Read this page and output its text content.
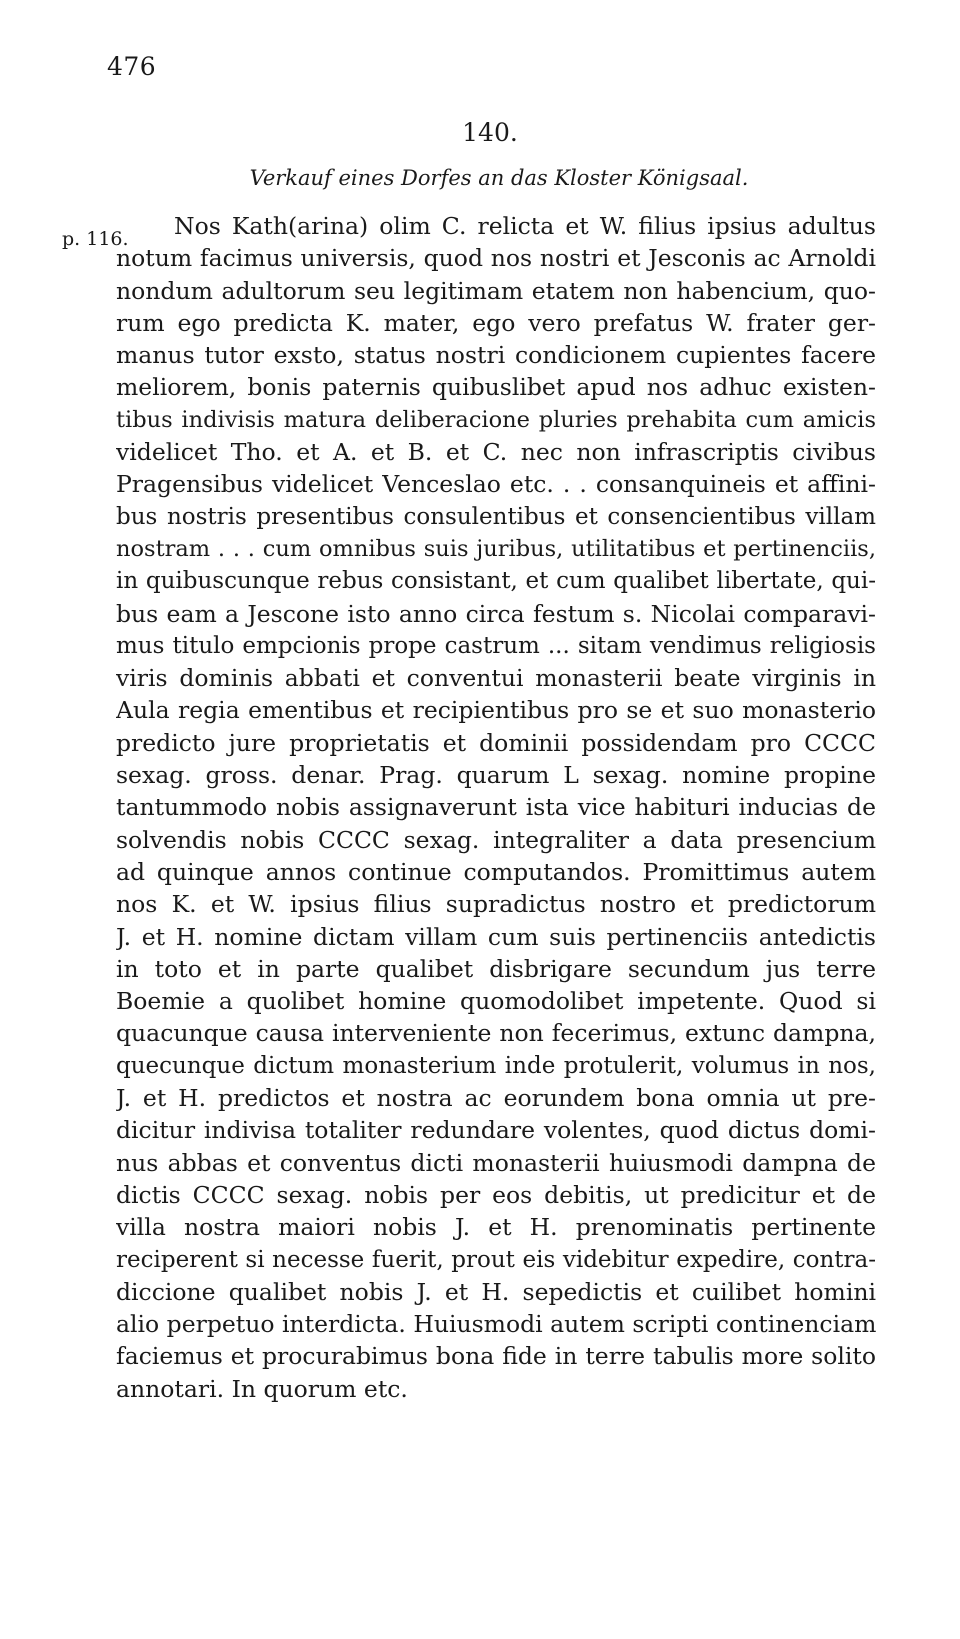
476
140.
Verkauf eines Dorfes an das Kloster Königsaal.
p. 116.	Nos Kath(arina) olim C. relicta et W. filius ipsius adultus
notum facimus universis, quod nos nostri et Jesconis ac Arnoldi
nondum adultorum seu legitimam etatem non habencium, quo-
rum ego predicta K. mater, ego vero prefatus W. frater ger-
manus tutor exsto, status nostri condicionem cupientes facere
meliorem, bonis paternis quibuslibet apud nos adhuc existen-
tibus indivisis matura deliberacione pluries prehabita cum amicis
videlicet Tho. et A. et B. et C. nec non infrascriptis civibus
Pragensibus videlicet Venceslao etc. . . consanquineis et affini-
bus nostris presentibus consulentibus et consencientibus villam
nostram . . . cum omnibus suis juribus, utilitatibus et pertinenciis,
in quibuscunque rebus consistant, et cum qualibet libertate, qui-
bus eam a Jescone isto anno circa festum s. Nicolai comparavi-
mus titulo empcionis prope castrum ... sitam vendimus religiosis
viris dominis abbati et conventui monasterii beate virginis in
Aula regia ementibus et recipientibus pro se et suo monasterio
predicto jure proprietatis et dominii possidendam pro CCCC
sexag. gross. denar. Prag. quarum L sexag. nomine propine
tantummodo nobis assignaverunt ista vice habituri inducias de
solvendis nobis CCCC sexag. integraliter a data presencium
ad quinque annos continue computandos. Promittimus autem
nos K. et W. ipsius filius supradictus nostro et predictorum
J. et H. nomine dictam villam cum suis pertinenciis antedictis
in toto et in parte qualibet disbrigare secundum jus terre
Boemie a quolibet homine quomodolibet impetente. Quod si
quacunque causa interveniente non fecerimus, extunc dampna,
quecunque dictum monasterium inde protulerit, volumus in nos,
J. et H. predictos et nostra ac eorundem bona omnia ut pre-
dicitur indivisa totaliter redundare volentes, quod dictus domi-
nus abbas et conventus dicti monasterii huiusmodi dampna de
dictis CCCC sexag. nobis per eos debitis, ut predicitur et de
villa nostra maiori nobis J. et H. prenominatis pertinente
reciperent si necesse fuerit, prout eis videbitur expedire, contra-
diccione qualibet nobis J. et H. sepedictis et cuilibet homini
alio perpetuo interdicta. Huiusmodi autem scripti continenciam
faciemus et procurabimus bona fide in terre tabulis more solito
annotari. In quorum etc.
